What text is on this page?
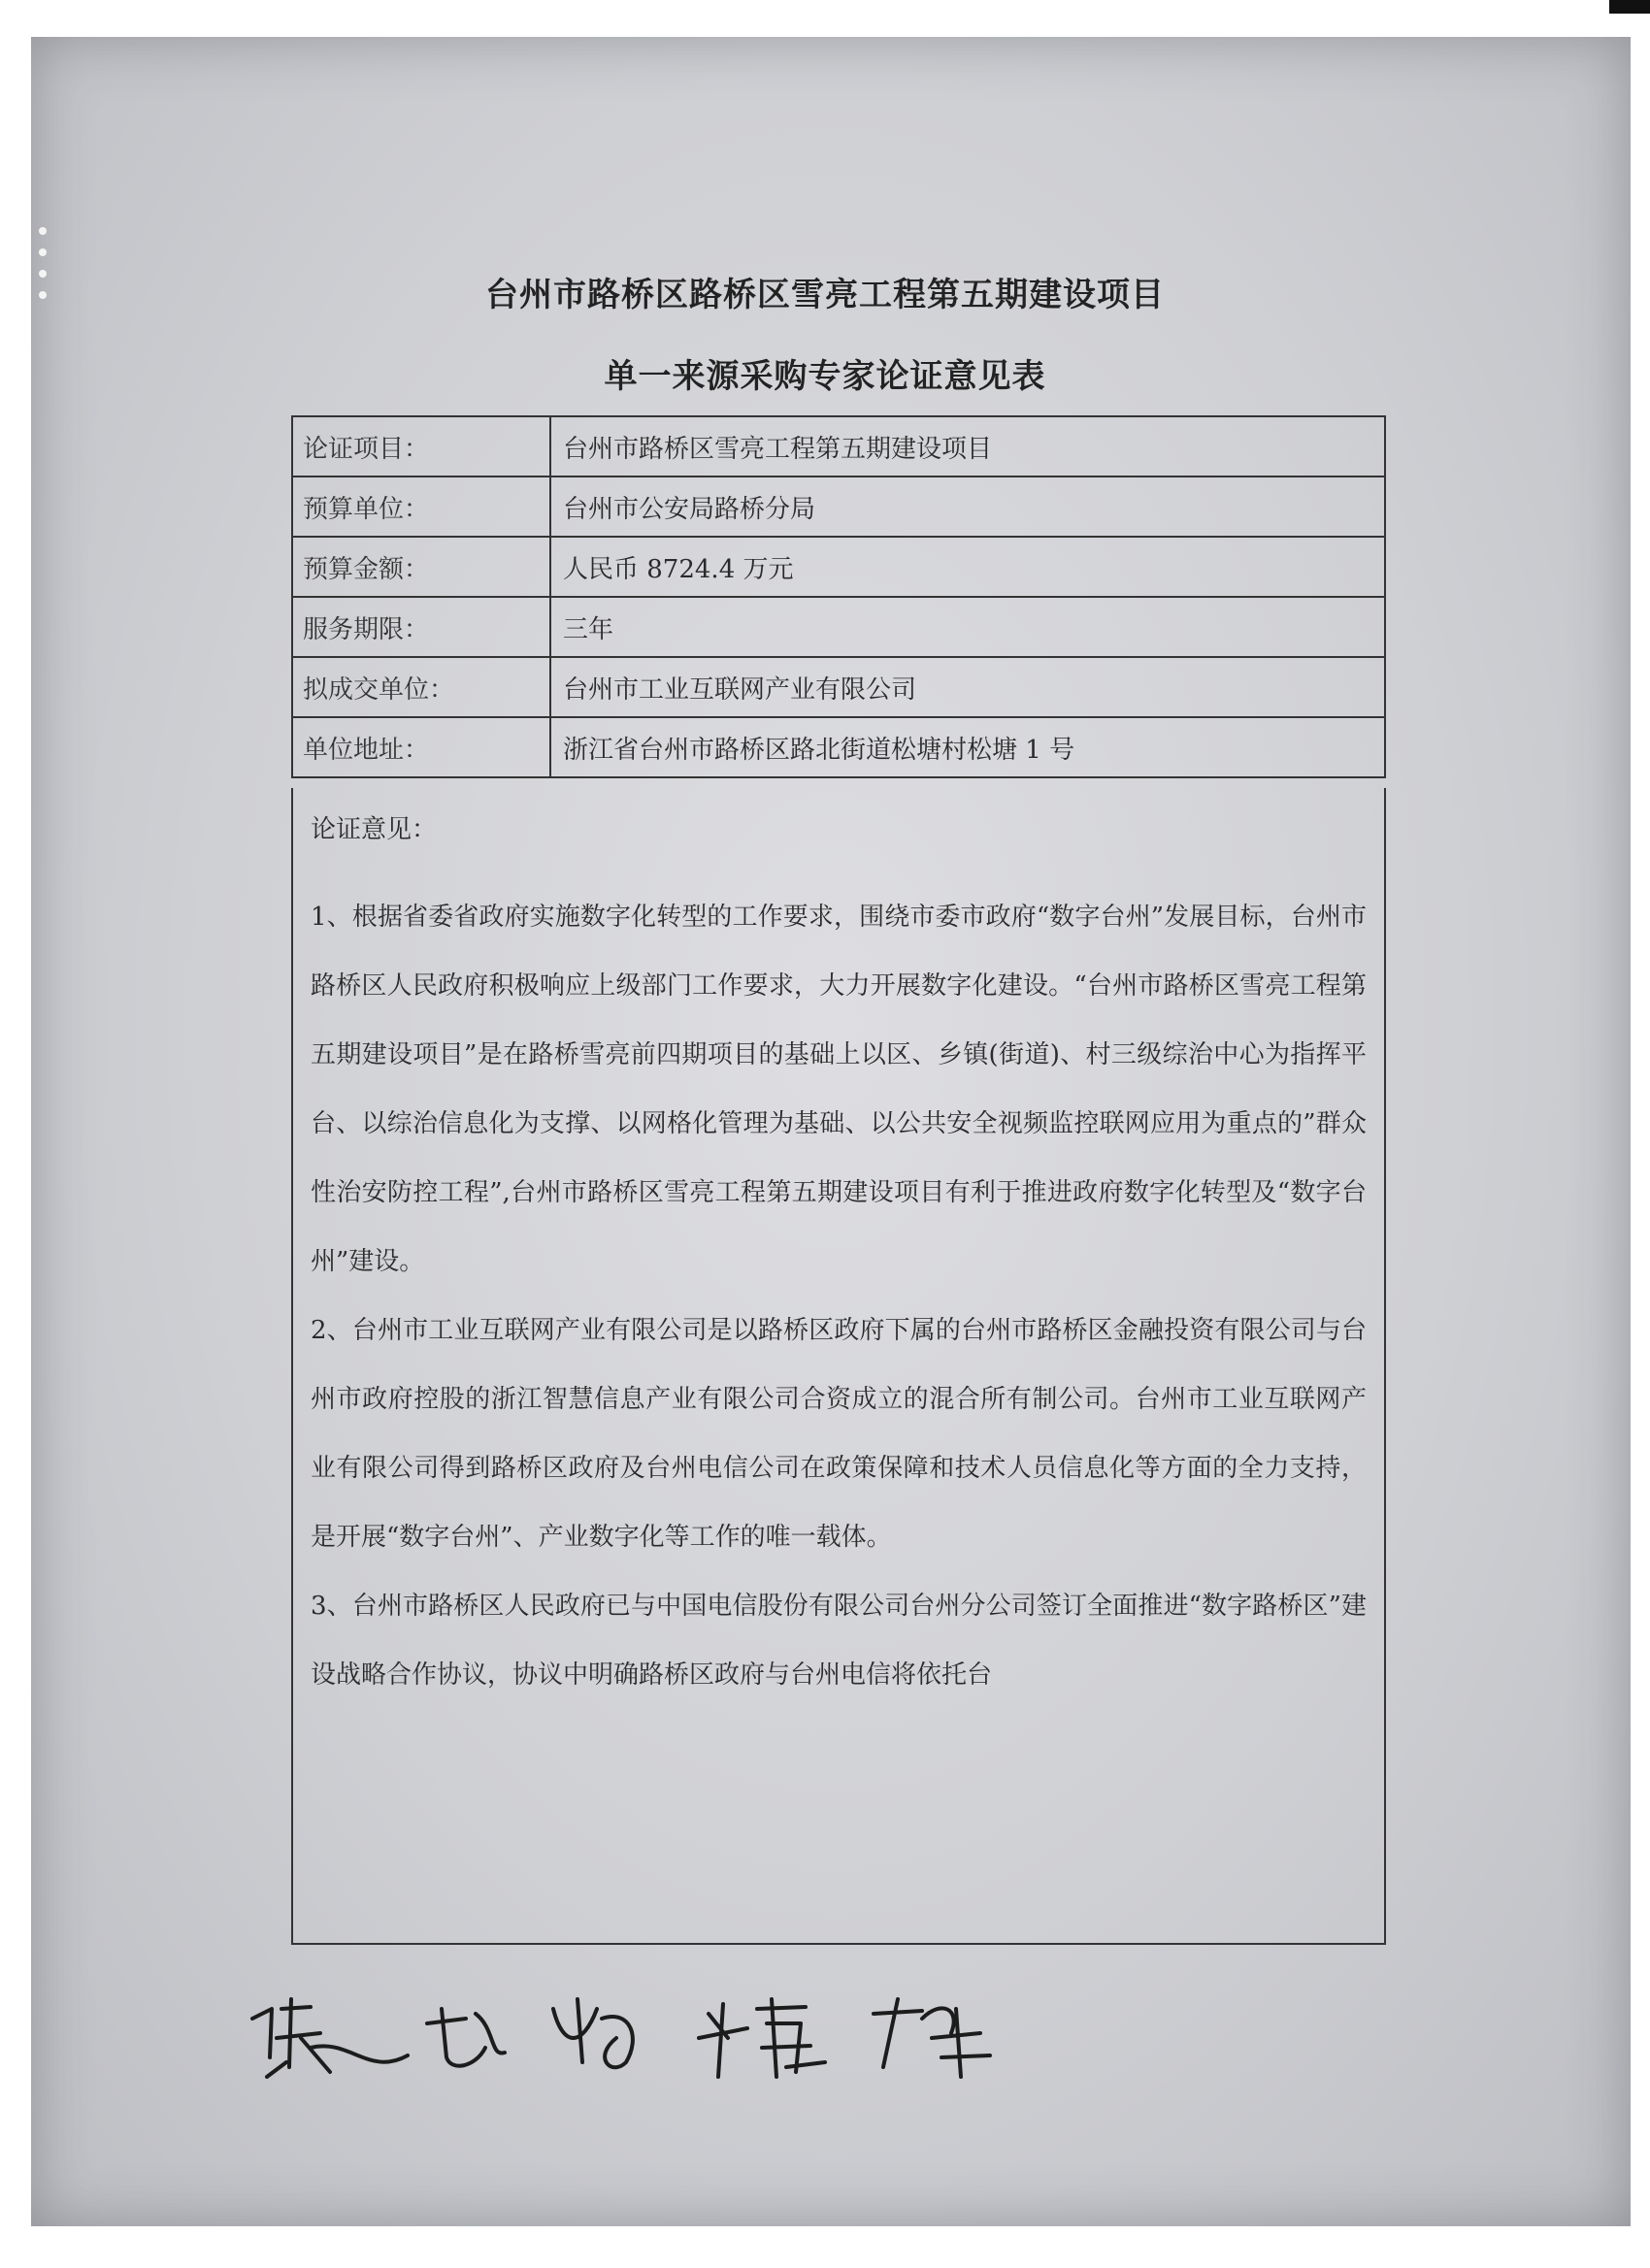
台州市路桥区路桥区雪亮工程第五期建设项目
单一来源采购专家论证意见表
论证项目：	台州市路桥区雪亮工程第五期建设项目
预算单位：	台州市公安局路桥分局
预算金额：	人民币 8724.4 万元
服务期限：	三年
拟成交单位：	台州市工业互联网产业有限公司
单位地址：	浙江省台州市路桥区路北街道松塘村松塘 1 号
论证意见：

1、根据省委省政府实施数字化转型的工作要求，围绕市委市政府“数字台州”发展目标，台州市路桥区人民政府积极响应上级部门工作要求，大力开展数字化建设。“台州市路桥区雪亮工程第五期建设项目”是在路桥雪亮前四期项目的基础上以区、乡镇(街道)、村三级综治中心为指挥平台、以综治信息化为支撑、以网格化管理为基础、以公共安全视频监控联网应用为重点的”群众性治安防控工程”,台州市路桥区雪亮工程第五期建设项目有利于推进政府数字化转型及“数字台州”建设。

2、台州市工业互联网产业有限公司是以路桥区政府下属的台州市路桥区金融投资有限公司与台州市政府控股的浙江智慧信息产业有限公司合资成立的混合所有制公司。台州市工业互联网产业有限公司得到路桥区政府及台州电信公司在政策保障和技术人员信息化等方面的全力支持，是开展“数字台州”、产业数字化等工作的唯一载体。

3、台州市路桥区人民政府已与中国电信股份有限公司台州分公司签订全面推进“数字路桥区”建设战略合作协议，协议中明确路桥区政府与台州电信将依托台
